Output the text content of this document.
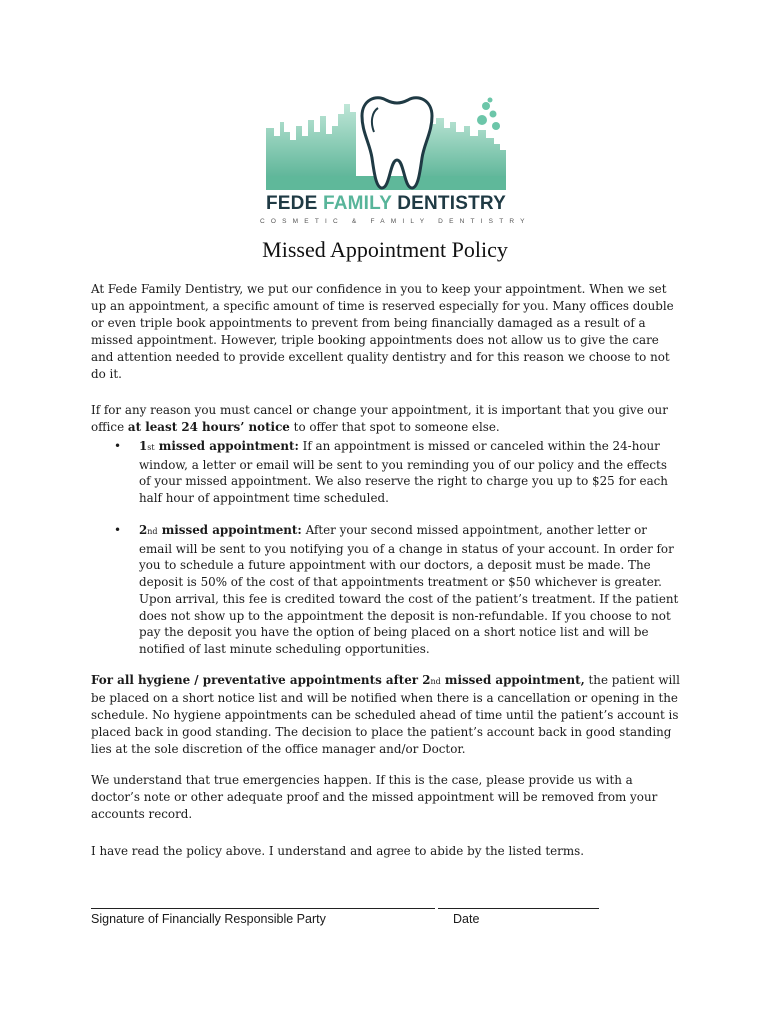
FEDE FAMILY DENTISTRY
COSMETIC & FAMILY DENTISTRY
Missed Appointment Policy
At Fede Family Dentistry, we put our confidence in you to keep your appointment. When we set up an appointment, a specific amount of time is reserved especially for you. Many offices double or even triple book appointments to prevent from being financially damaged as a result of a missed appointment. However, triple booking appointments does not allow us to give the care and attention needed to provide excellent quality dentistry and for this reason we choose to not do it.
If for any reason you must cancel or change your appointment, it is important that you give our office at least 24 hours’ notice to offer that spot to someone else.
• 1st missed appointment: If an appointment is missed or canceled within the 24-hour window, a letter or email will be sent to you reminding you of our policy and the effects of your missed appointment. We also reserve the right to charge you up to $25 for each half hour of appointment time scheduled.
• 2nd missed appointment: After your second missed appointment, another letter or email will be sent to you notifying you of a change in status of your account. In order for you to schedule a future appointment with our doctors, a deposit must be made. The deposit is 50% of the cost of that appointments treatment or $50 whichever is greater. Upon arrival, this fee is credited toward the cost of the patient’s treatment. If the patient does not show up to the appointment the deposit is non-refundable. If you choose to not pay the deposit you have the option of being placed on a short notice list and will be notified of last minute scheduling opportunities.
For all hygiene / preventative appointments after 2nd missed appointment, the patient will be placed on a short notice list and will be notified when there is a cancellation or opening in the schedule. No hygiene appointments can be scheduled ahead of time until the patient’s account is placed back in good standing. The decision to place the patient’s account back in good standing lies at the sole discretion of the office manager and/or Doctor.
We understand that true emergencies happen. If this is the case, please provide us with a doctor’s note or other adequate proof and the missed appointment will be removed from your accounts record.
I have read the policy above. I understand and agree to abide by the listed terms.
Signature of Financially Responsible Party	Date
